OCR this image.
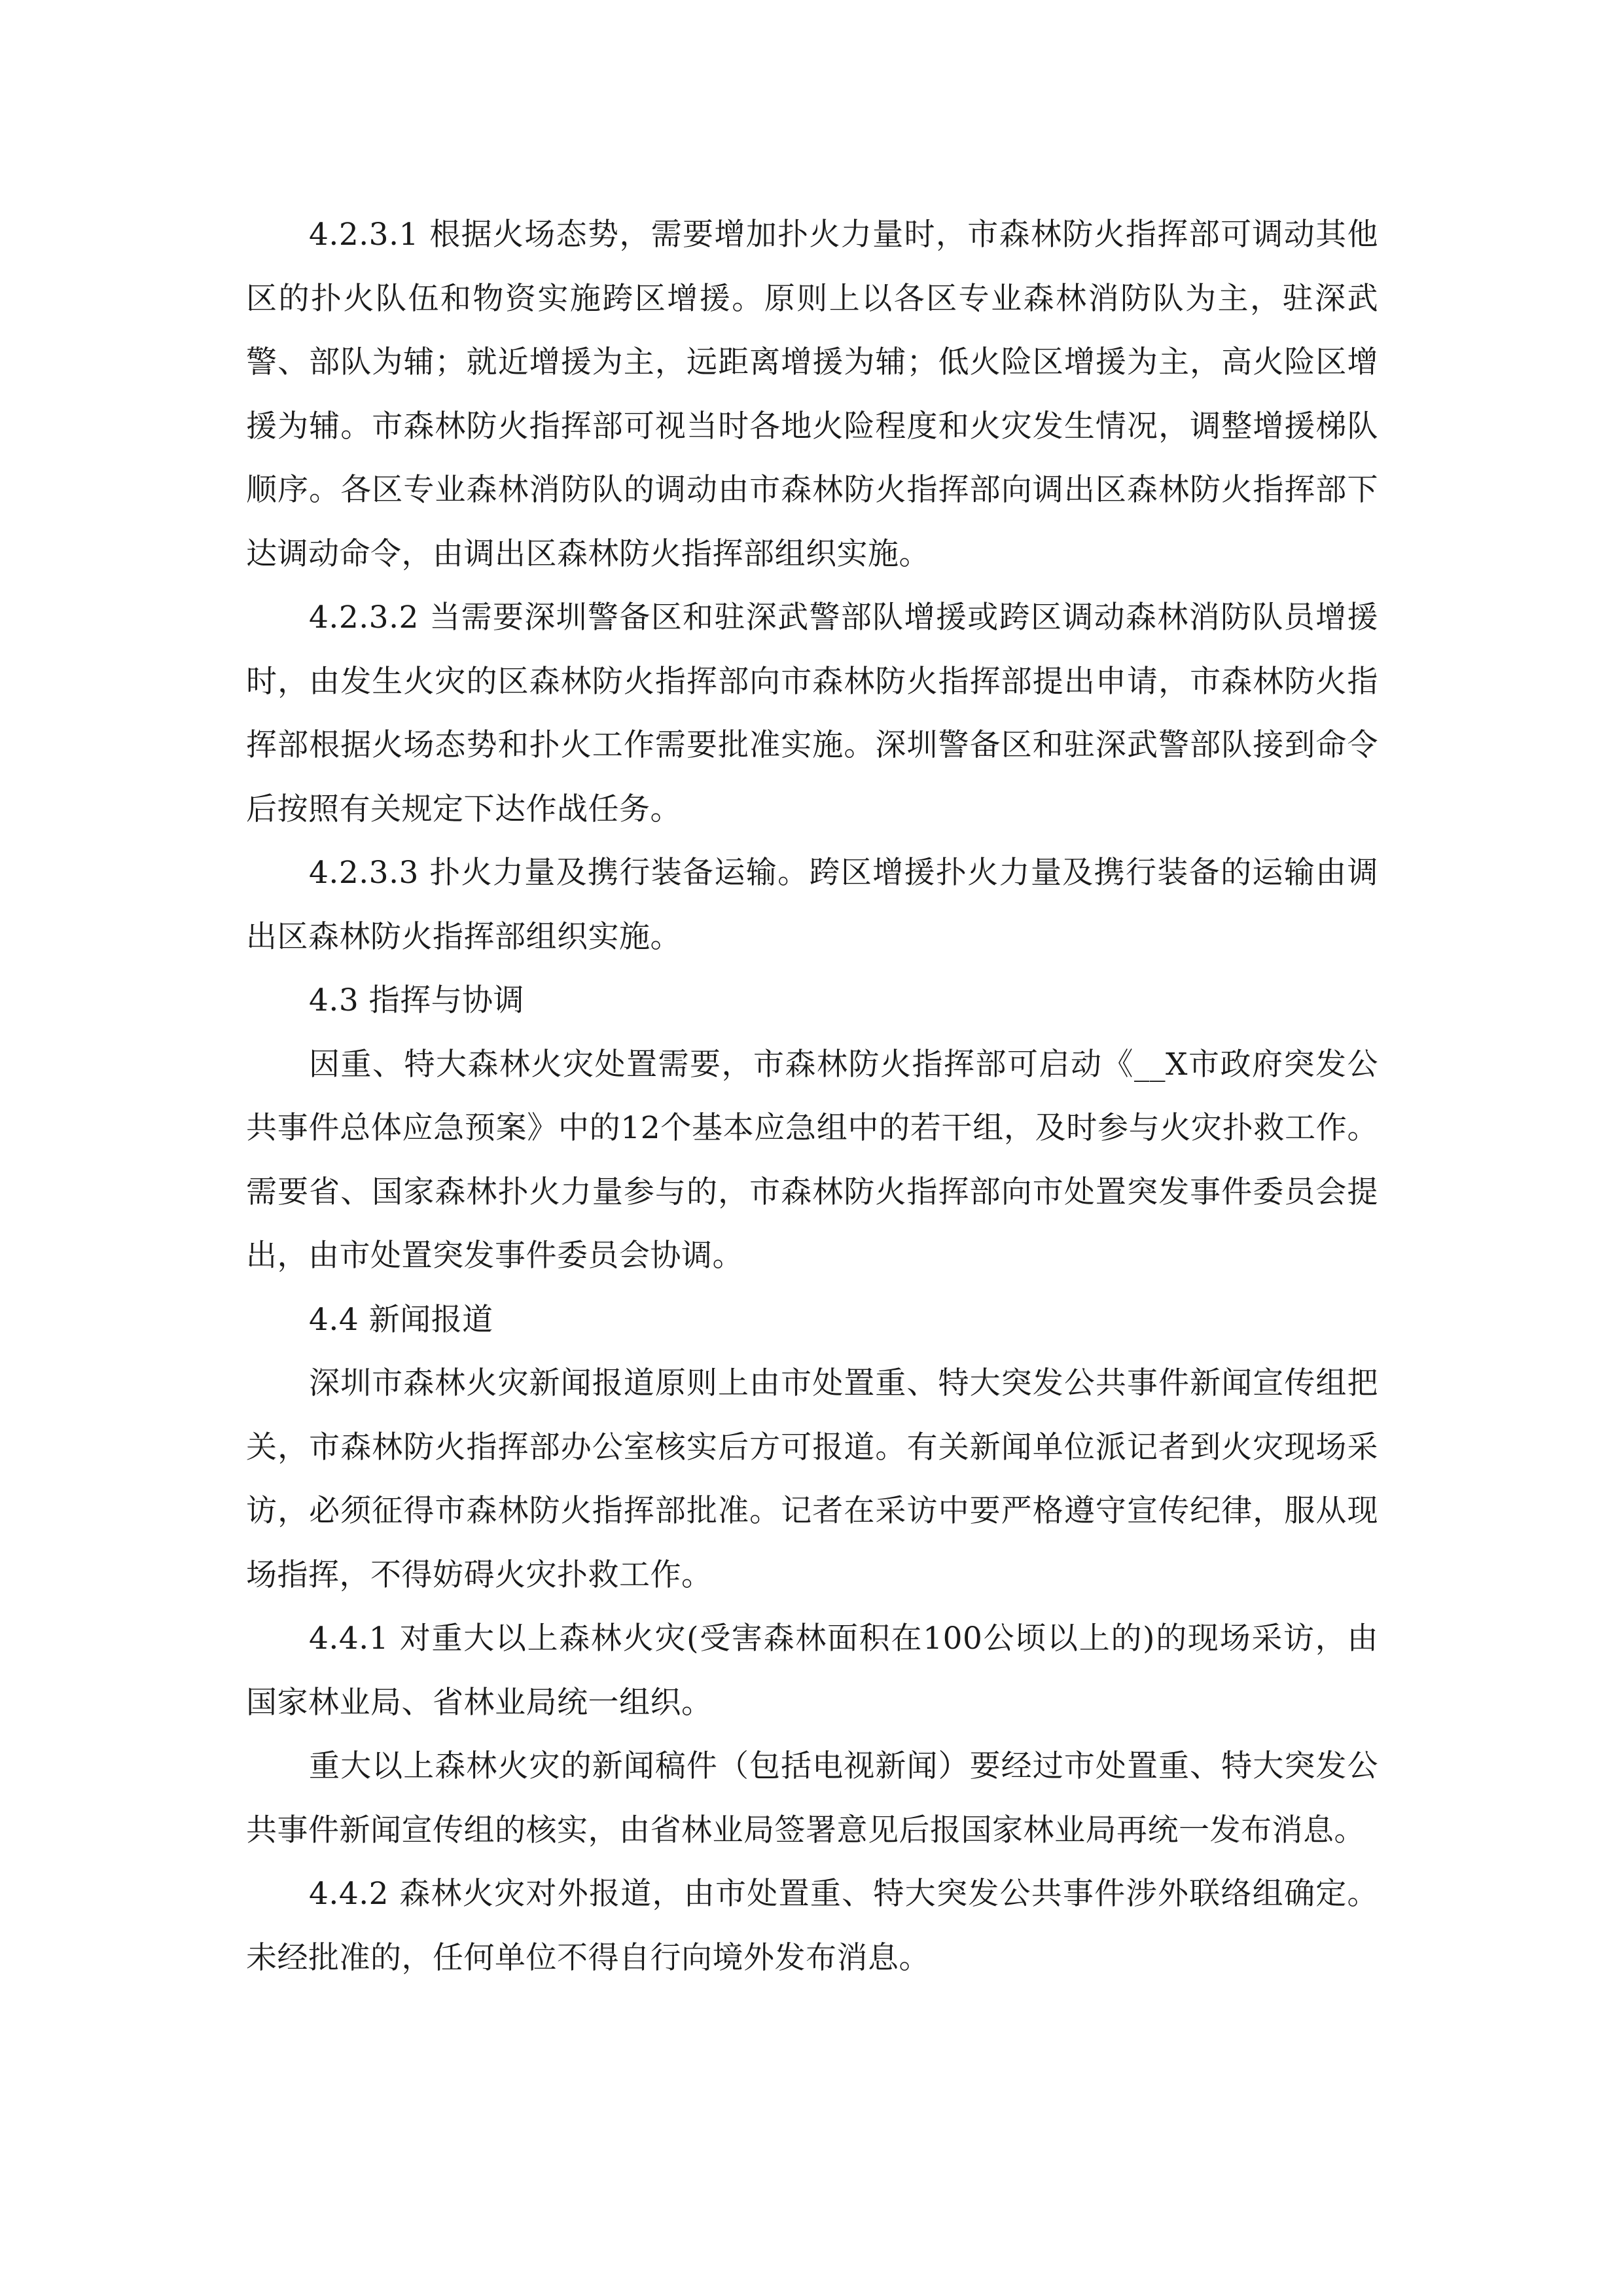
4.2.3.1 根据火场态势，需要增加扑火力量时，市森林防火指挥部可调动其他区的扑火队伍和物资实施跨区增援。原则上以各区专业森林消防队为主，驻深武警、部队为辅；就近增援为主，远距离增援为辅；低火险区增援为主，高火险区增援为辅。市森林防火指挥部可视当时各地火险程度和火灾发生情况，调整增援梯队顺序。各区专业森林消防队的调动由市森林防火指挥部向调出区森林防火指挥部下达调动命令，由调出区森林防火指挥部组织实施。

4.2.3.2 当需要深圳警备区和驻深武警部队增援或跨区调动森林消防队员增援时，由发生火灾的区森林防火指挥部向市森林防火指挥部提出申请，市森林防火指挥部根据火场态势和扑火工作需要批准实施。深圳警备区和驻深武警部队接到命令后按照有关规定下达作战任务。

4.2.3.3 扑火力量及携行装备运输。跨区增援扑火力量及携行装备的运输由调出区森林防火指挥部组织实施。

4.3 指挥与协调

因重、特大森林火灾处置需要，市森林防火指挥部可启动《__X市政府突发公共事件总体应急预案》中的12个基本应急组中的若干组，及时参与火灾扑救工作。需要省、国家森林扑火力量参与的，市森林防火指挥部向市处置突发事件委员会提出，由市处置突发事件委员会协调。

4.4 新闻报道

深圳市森林火灾新闻报道原则上由市处置重、特大突发公共事件新闻宣传组把关，市森林防火指挥部办公室核实后方可报道。有关新闻单位派记者到火灾现场采访，必须征得市森林防火指挥部批准。记者在采访中要严格遵守宣传纪律，服从现场指挥，不得妨碍火灾扑救工作。

4.4.1 对重大以上森林火灾(受害森林面积在100公顷以上的)的现场采访，由国家林业局、省林业局统一组织。

重大以上森林火灾的新闻稿件（包括电视新闻）要经过市处置重、特大突发公共事件新闻宣传组的核实，由省林业局签署意见后报国家林业局再统一发布消息。

4.4.2 森林火灾对外报道，由市处置重、特大突发公共事件涉外联络组确定。未经批准的，任何单位不得自行向境外发布消息。
